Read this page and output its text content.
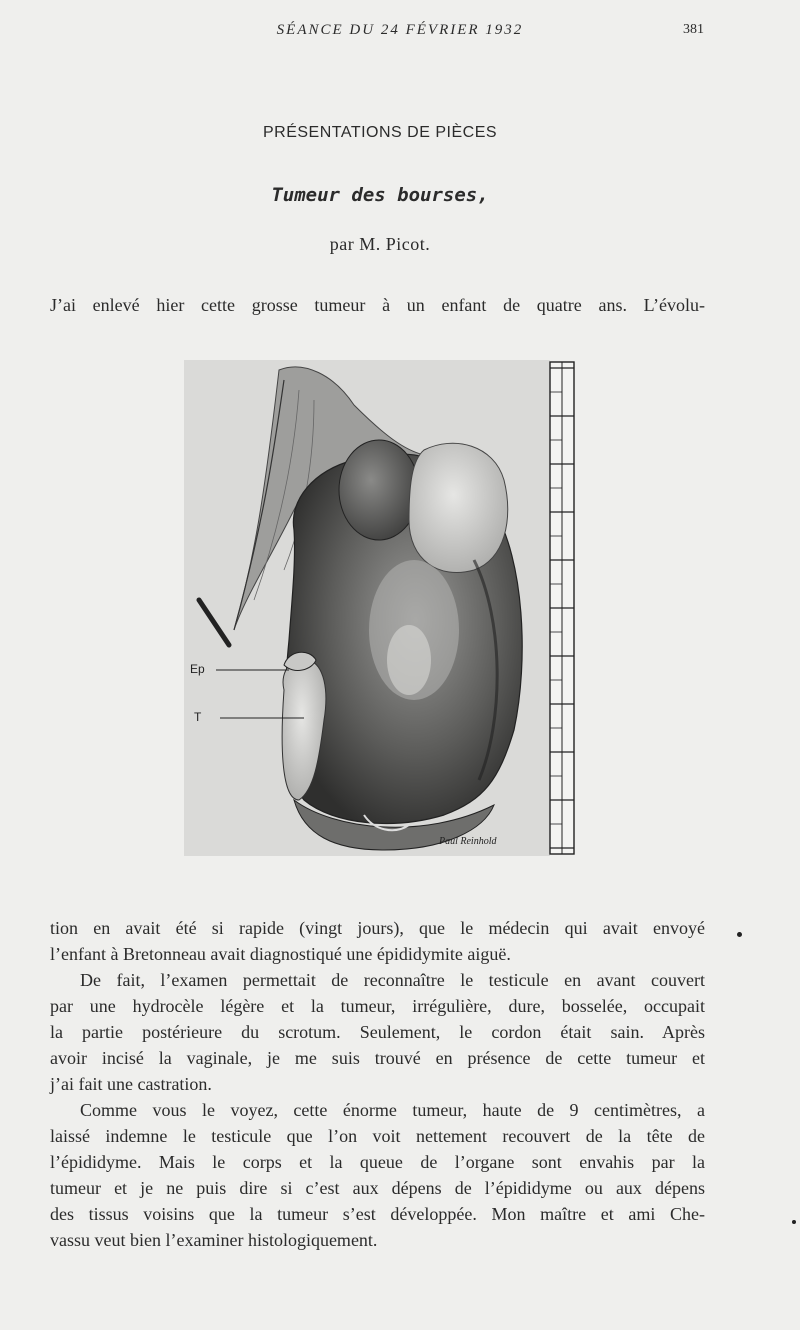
SÉANCE DU 24 FÉVRIER 1932	381
PRÉSENTATIONS DE PIÈCES
Tumeur des bourses,
par M. Picot.
J’ai enlevé hier cette grosse tumeur à un enfant de quatre ans. L’évolu-
Paul Reinhold
Ep
T
tion en avait été si rapide (vingt jours), que le médecin qui avait envoyé
l’enfant à Bretonneau avait diagnostiqué une épididymite aiguë.
De fait, l’examen permettait de reconnaître le testicule en avant couvert
par une hydrocèle légère et la tumeur, irrégulière, dure, bosselée, occupait
la partie postérieure du scrotum. Seulement, le cordon était sain. Après
avoir incisé la vaginale, je me suis trouvé en présence de cette tumeur et
j’ai fait une castration.
Comme vous le voyez, cette énorme tumeur, haute de 9 centimètres, a
laissé indemne le testicule que l’on voit nettement recouvert de la tête de
l’épididyme. Mais le corps et la queue de l’organe sont envahis par la
tumeur et je ne puis dire si c’est aux dépens de l’épididyme ou aux dépens
des tissus voisins que la tumeur s’est développée. Mon maître et ami Che-
vassu veut bien l’examiner histologiquement.
